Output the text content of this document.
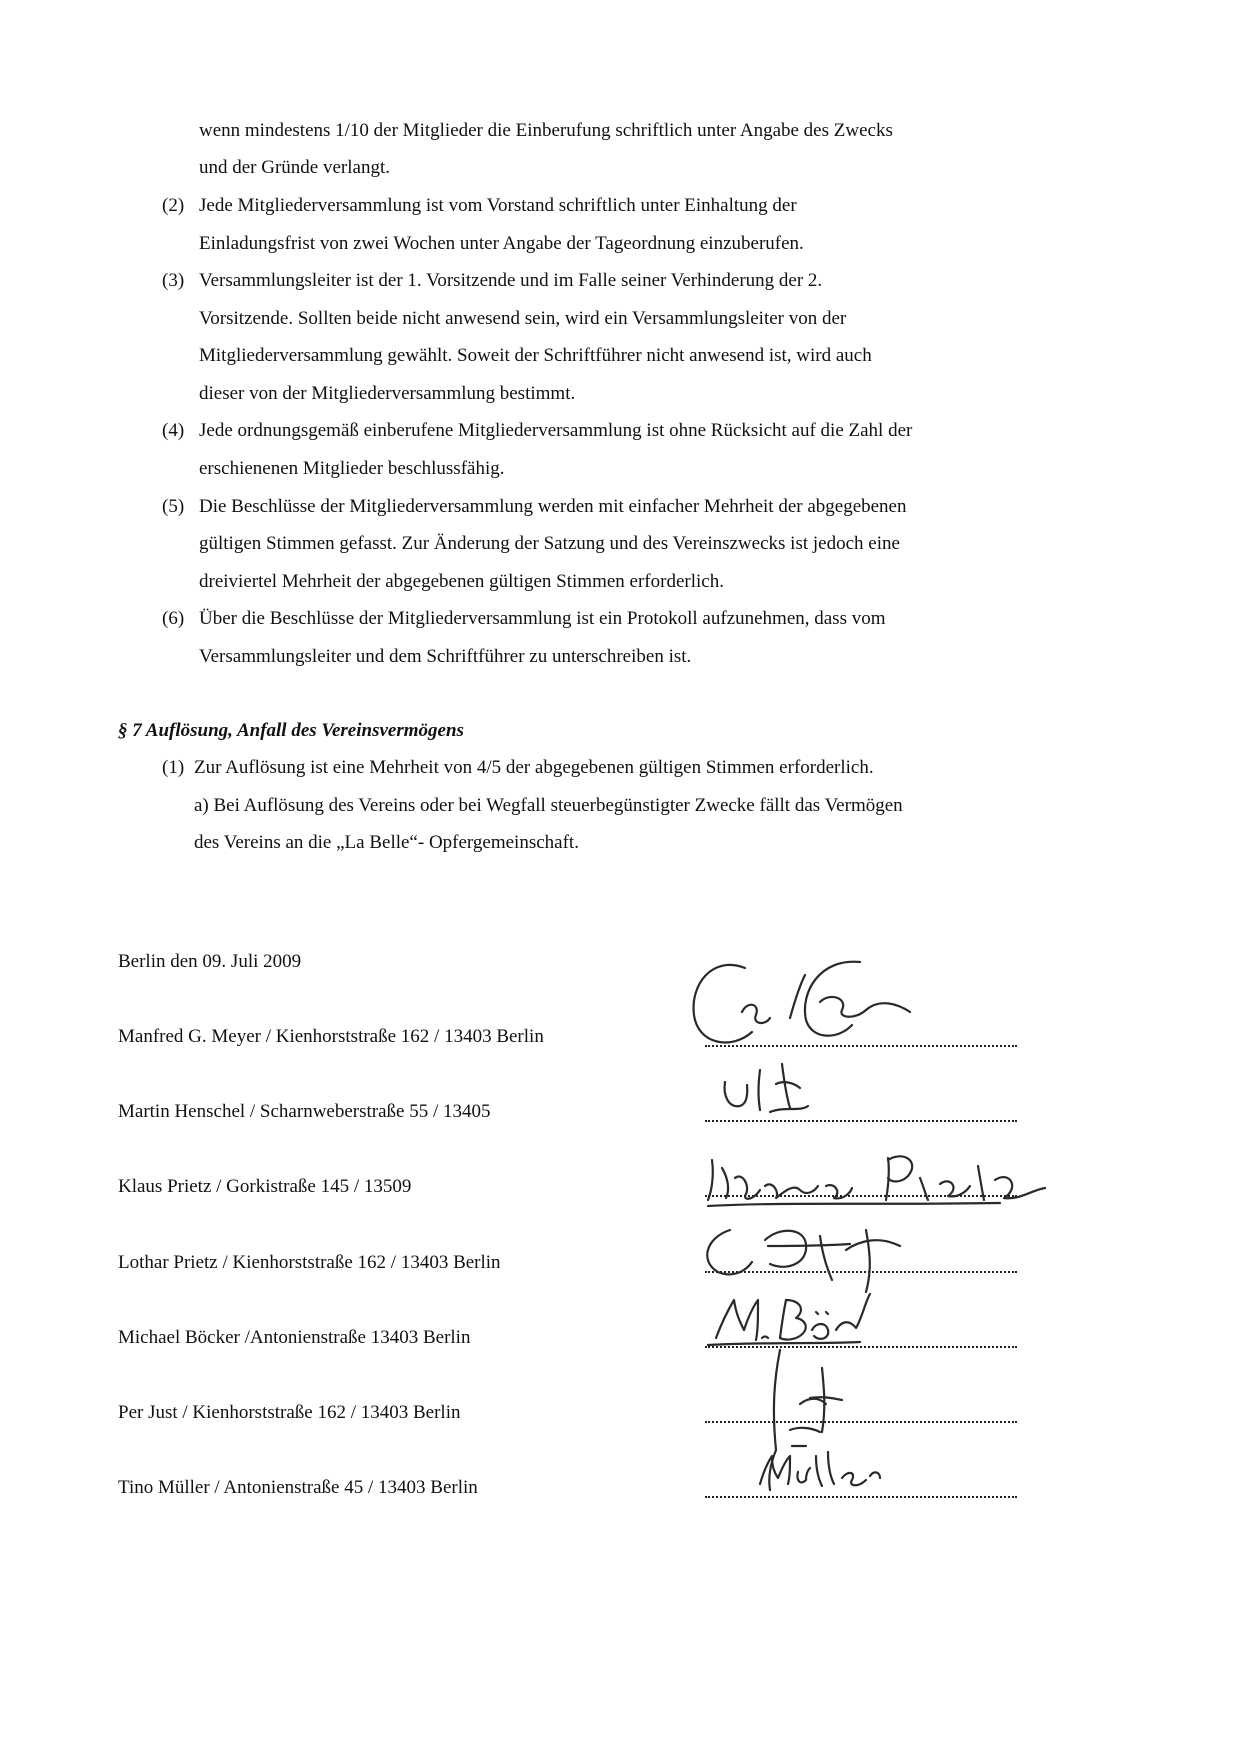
wenn mindestens 1/10 der Mitglieder die Einberufung schriftlich unter Angabe des Zwecks
und der Gründe verlangt.
(2) Jede Mitgliederversammlung ist vom Vorstand schriftlich unter Einhaltung der
Einladungsfrist von zwei Wochen unter Angabe der Tageordnung einzuberufen.
(3) Versammlungsleiter ist der 1. Vorsitzende und im Falle seiner Verhinderung der 2.
Vorsitzende. Sollten beide nicht anwesend sein, wird ein Versammlungsleiter von der
Mitgliederversammlung gewählt. Soweit der Schriftführer nicht anwesend ist, wird auch
dieser von der Mitgliederversammlung bestimmt.
(4) Jede ordnungsgemäß einberufene Mitgliederversammlung ist ohne Rücksicht auf die Zahl der
erschienenen Mitglieder beschlussfähig.
(5) Die Beschlüsse der Mitgliederversammlung werden mit einfacher Mehrheit der abgegebenen
gültigen Stimmen gefasst. Zur Änderung der Satzung und des Vereinszwecks ist jedoch eine
dreiviertel Mehrheit der abgegebenen gültigen Stimmen erforderlich.
(6) Über die Beschlüsse der Mitgliederversammlung ist ein Protokoll aufzunehmen, dass vom
Versammlungsleiter und dem Schriftführer zu unterschreiben ist.
§ 7 Auflösung, Anfall des Vereinsvermögens
(1) Zur Auflösung ist eine Mehrheit von 4/5 der abgegebenen gültigen Stimmen erforderlich.
a) Bei Auflösung des Vereins oder bei Wegfall steuerbegünstigter Zwecke fällt das Vermögen
des Vereins an die „La Belle“- Opfergemeinschaft.
Berlin den 09. Juli 2009
Manfred G. Meyer / Kienhorststraße 162 / 13403 Berlin
Martin Henschel / Scharnweberstraße 55 / 13405
Klaus Prietz / Gorkistraße 145 / 13509
Lothar Prietz / Kienhorststraße 162 / 13403 Berlin
Michael Böcker /Antonienstraße 13403 Berlin
Per Just / Kienhorststraße 162 / 13403 Berlin
Tino Müller / Antonienstraße 45 / 13403 Berlin
